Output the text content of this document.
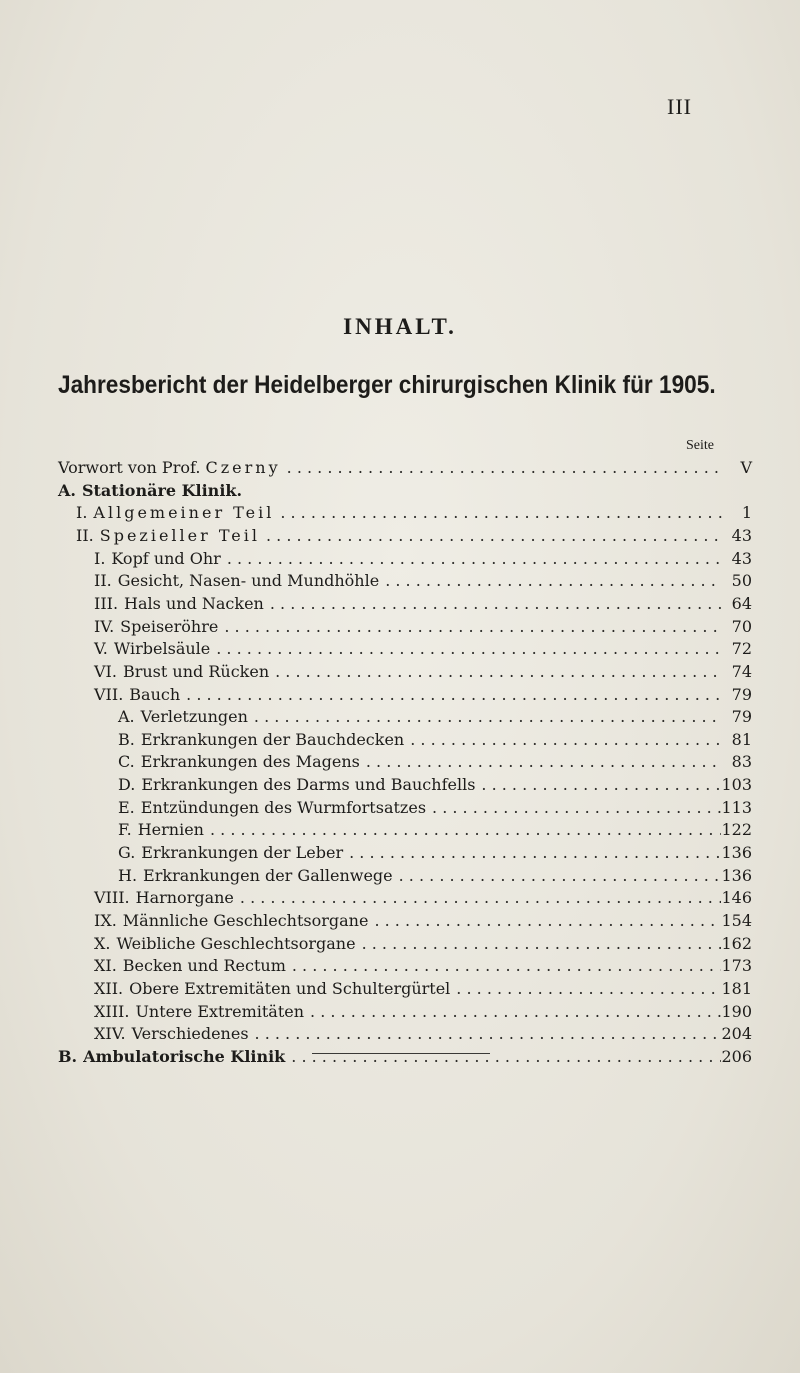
III
INHALT.
Jahresbericht der Heidelberger chirurgischen Klinik für 1905.
Seite
Vorwort von Prof. Czerny . . .	V
A. Stationäre Klinik.
I. Allgemeiner Teil . . .	1
II. Spezieller Teil . . .	43
I. Kopf und Ohr . . .	43
II. Gesicht, Nasen- und Mundhöhle . . .	50
III. Hals und Nacken . . .	64
IV. Speiseröhre . . .	70
V. Wirbelsäule . . .	72
VI. Brust und Rücken . . .	74
VII. Bauch . . .	79
A. Verletzungen . . .	79
B. Erkrankungen der Bauchdecken . . .	81
C. Erkrankungen des Magens . . .	83
D. Erkrankungen des Darms und Bauchfells . . .	103
E. Entzündungen des Wurmfortsatzes . . .	113
F. Hernien . . .	122
G. Erkrankungen der Leber . . .	136
H. Erkrankungen der Gallenwege . . .	136
VIII. Harnorgane . . .	146
IX. Männliche Geschlechtsorgane . . .	154
X. Weibliche Geschlechtsorgane . . .	162
XI. Becken und Rectum . . .	173
XII. Obere Extremitäten und Schultergürtel . . .	181
XIII. Untere Extremitäten . . .	190
XIV. Verschiedenes . . .	204
B. Ambulatorische Klinik . . .	206
